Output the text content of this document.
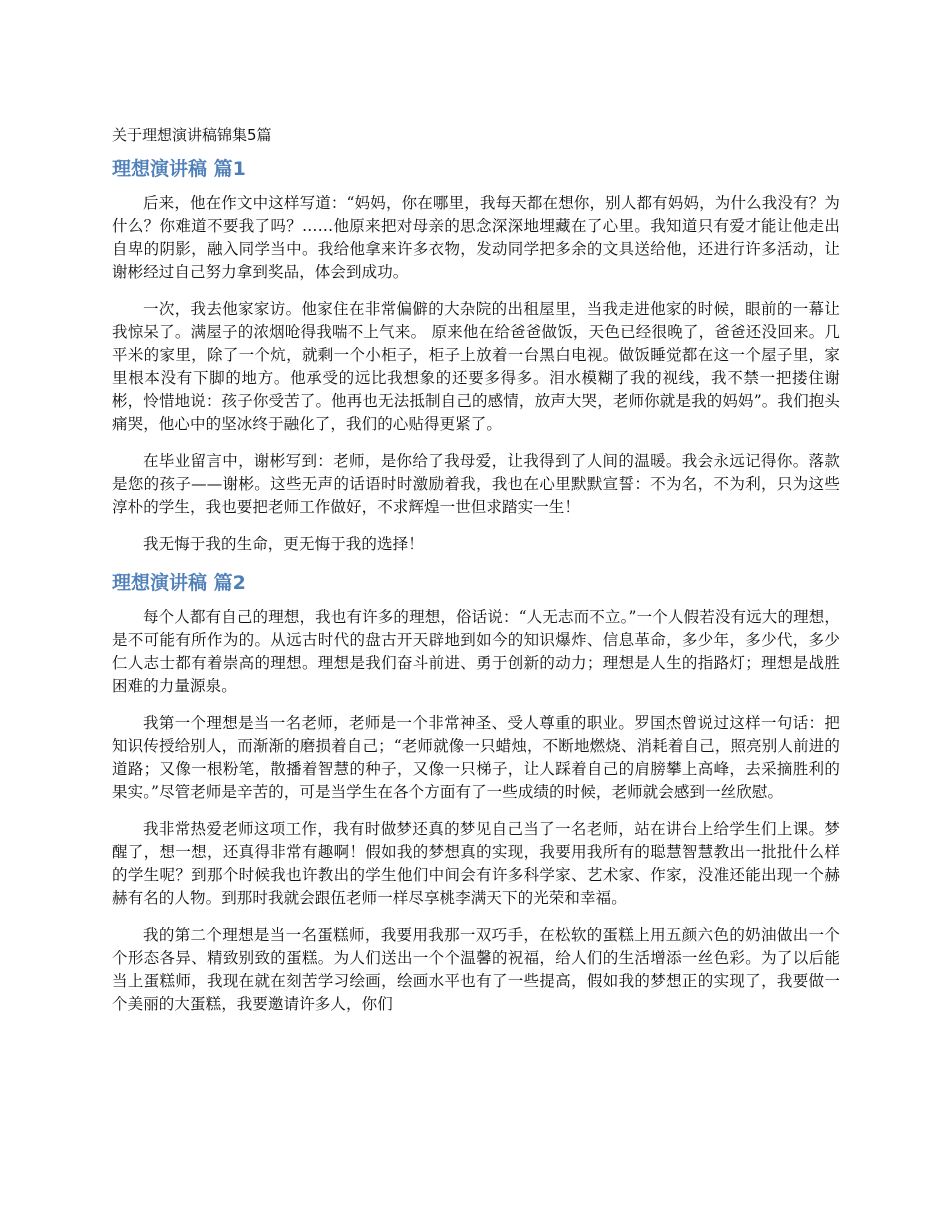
关于理想演讲稿锦集5篇
理想演讲稿 篇1

后来，他在作文中这样写道：“妈妈，你在哪里，我每天都在想你，别人都有妈妈，为什么我没有？为什么？你难道不要我了吗？……他原来把对母亲的思念深深地埋藏在了心里。我知道只有爱才能让他走出自卑的阴影，融入同学当中。我给他拿来许多衣物，发动同学把多余的文具送给他，还进行许多活动，让谢彬经过自己努力拿到奖品，体会到成功。

一次，我去他家家访。他家住在非常偏僻的大杂院的出租屋里，当我走进他家的时候，眼前的一幕让我惊呆了。满屋子的浓烟呛得我喘不上气来。 原来他在给爸爸做饭，天色已经很晚了，爸爸还没回来。几平米的家里，除了一个炕，就剩一个小柜子，柜子上放着一台黑白电视。做饭睡觉都在这一个屋子里，家里根本没有下脚的地方。他承受的远比我想象的还要多得多。泪水模糊了我的视线，我不禁一把搂住谢彬，怜惜地说：孩子你受苦了。他再也无法抵制自己的感情，放声大哭，老师你就是我的妈妈”。我们抱头痛哭，他心中的坚冰终于融化了，我们的心贴得更紧了。

在毕业留言中，谢彬写到：老师，是你给了我母爱，让我得到了人间的温暖。我会永远记得你。落款是您的孩子——谢彬。这些无声的话语时时激励着我，我也在心里默默宣誓：不为名，不为利，只为这些淳朴的学生，我也要把老师工作做好，不求辉煌一世但求踏实一生！

我无悔于我的生命，更无悔于我的选择！

理想演讲稿 篇2

每个人都有自己的理想，我也有许多的理想，俗话说：“人无志而不立。”一个人假若没有远大的理想，是不可能有所作为的。从远古时代的盘古开天辟地到如今的知识爆炸、信息革命，多少年，多少代，多少仁人志士都有着崇高的理想。理想是我们奋斗前进、勇于创新的动力；理想是人生的指路灯；理想是战胜困难的力量源泉。

我第一个理想是当一名老师，老师是一个非常神圣、受人尊重的职业。罗国杰曾说过这样一句话：把知识传授给别人，而渐渐的磨损着自己；“老师就像一只蜡烛，不断地燃烧、消耗着自己，照亮别人前进的道路；又像一根粉笔，散播着智慧的种子，又像一只梯子，让人踩着自己的肩膀攀上高峰，去采摘胜利的果实。”尽管老师是辛苦的，可是当学生在各个方面有了一些成绩的时候，老师就会感到一丝欣慰。

我非常热爱老师这项工作，我有时做梦还真的梦见自己当了一名老师，站在讲台上给学生们上课。梦醒了，想一想，还真得非常有趣啊！假如我的梦想真的实现，我要用我所有的聪慧智慧教出一批批什么样的学生呢？到那个时候我也许教出的学生他们中间会有许多科学家、艺术家、作家，没准还能出现一个赫赫有名的人物。到那时我就会跟伍老师一样尽享桃李满天下的光荣和幸福。

我的第二个理想是当一名蛋糕师，我要用我那一双巧手，在松软的蛋糕上用五颜六色的奶油做出一个个形态各异、精致别致的蛋糕。为人们送出一个个温馨的祝福，给人们的生活增添一丝色彩。为了以后能当上蛋糕师，我现在就在刻苦学习绘画，绘画水平也有了一些提高，假如我的梦想正的实现了，我要做一个美丽的大蛋糕，我要邀请许多人，你们
